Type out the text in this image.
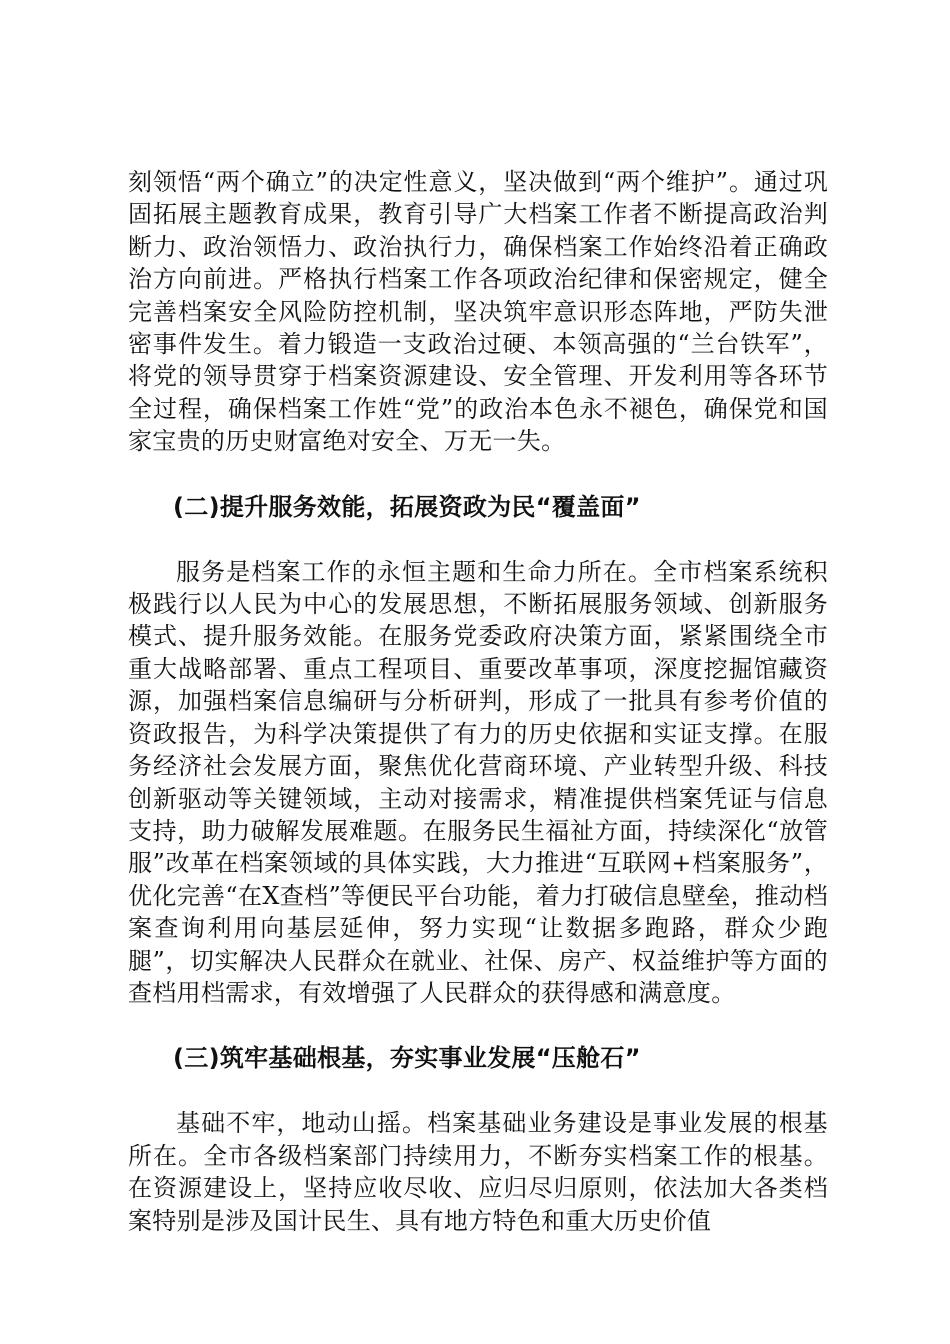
刻领悟“两个确立”的决定性意义，坚决做到“两个维护”。通过巩固拓展主题教育成果，教育引导广大档案工作者不断提高政治判断力、政治领悟力、政治执行力，确保档案工作始终沿着正确政治方向前进。严格执行档案工作各项政治纪律和保密规定，健全完善档案安全风险防控机制，坚决筑牢意识形态阵地，严防失泄密事件发生。着力锻造一支政治过硬、本领高强的“兰台铁军”，将党的领导贯穿于档案资源建设、安全管理、开发利用等各环节全过程，确保档案工作姓“党”的政治本色永不褪色，确保党和国家宝贵的历史财富绝对安全、万无一失。

(二)提升服务效能，拓展资政为民“覆盖面”

服务是档案工作的永恒主题和生命力所在。全市档案系统积极践行以人民为中心的发展思想，不断拓展服务领域、创新服务模式、提升服务效能。在服务党委政府决策方面，紧紧围绕全市重大战略部署、重点工程项目、重要改革事项，深度挖掘馆藏资源，加强档案信息编研与分析研判，形成了一批具有参考价值的资政报告，为科学决策提供了有力的历史依据和实证支撑。在服务经济社会发展方面，聚焦优化营商环境、产业转型升级、科技创新驱动等关键领域，主动对接需求，精准提供档案凭证与信息支持，助力破解发展难题。在服务民生福祉方面，持续深化“放管服”改革在档案领域的具体实践，大力推进“互联网+档案服务”，优化完善“在X查档”等便民平台功能，着力打破信息壁垒，推动档案查询利用向基层延伸，努力实现“让数据多跑路，群众少跑腿”，切实解决人民群众在就业、社保、房产、权益维护等方面的查档用档需求，有效增强了人民群众的获得感和满意度。

(三)筑牢基础根基，夯实事业发展“压舱石”

基础不牢，地动山摇。档案基础业务建设是事业发展的根基所在。全市各级档案部门持续用力，不断夯实档案工作的根基。在资源建设上，坚持应收尽收、应归尽归原则，依法加大各类档案特别是涉及国计民生、具有地方特色和重大历史价值
